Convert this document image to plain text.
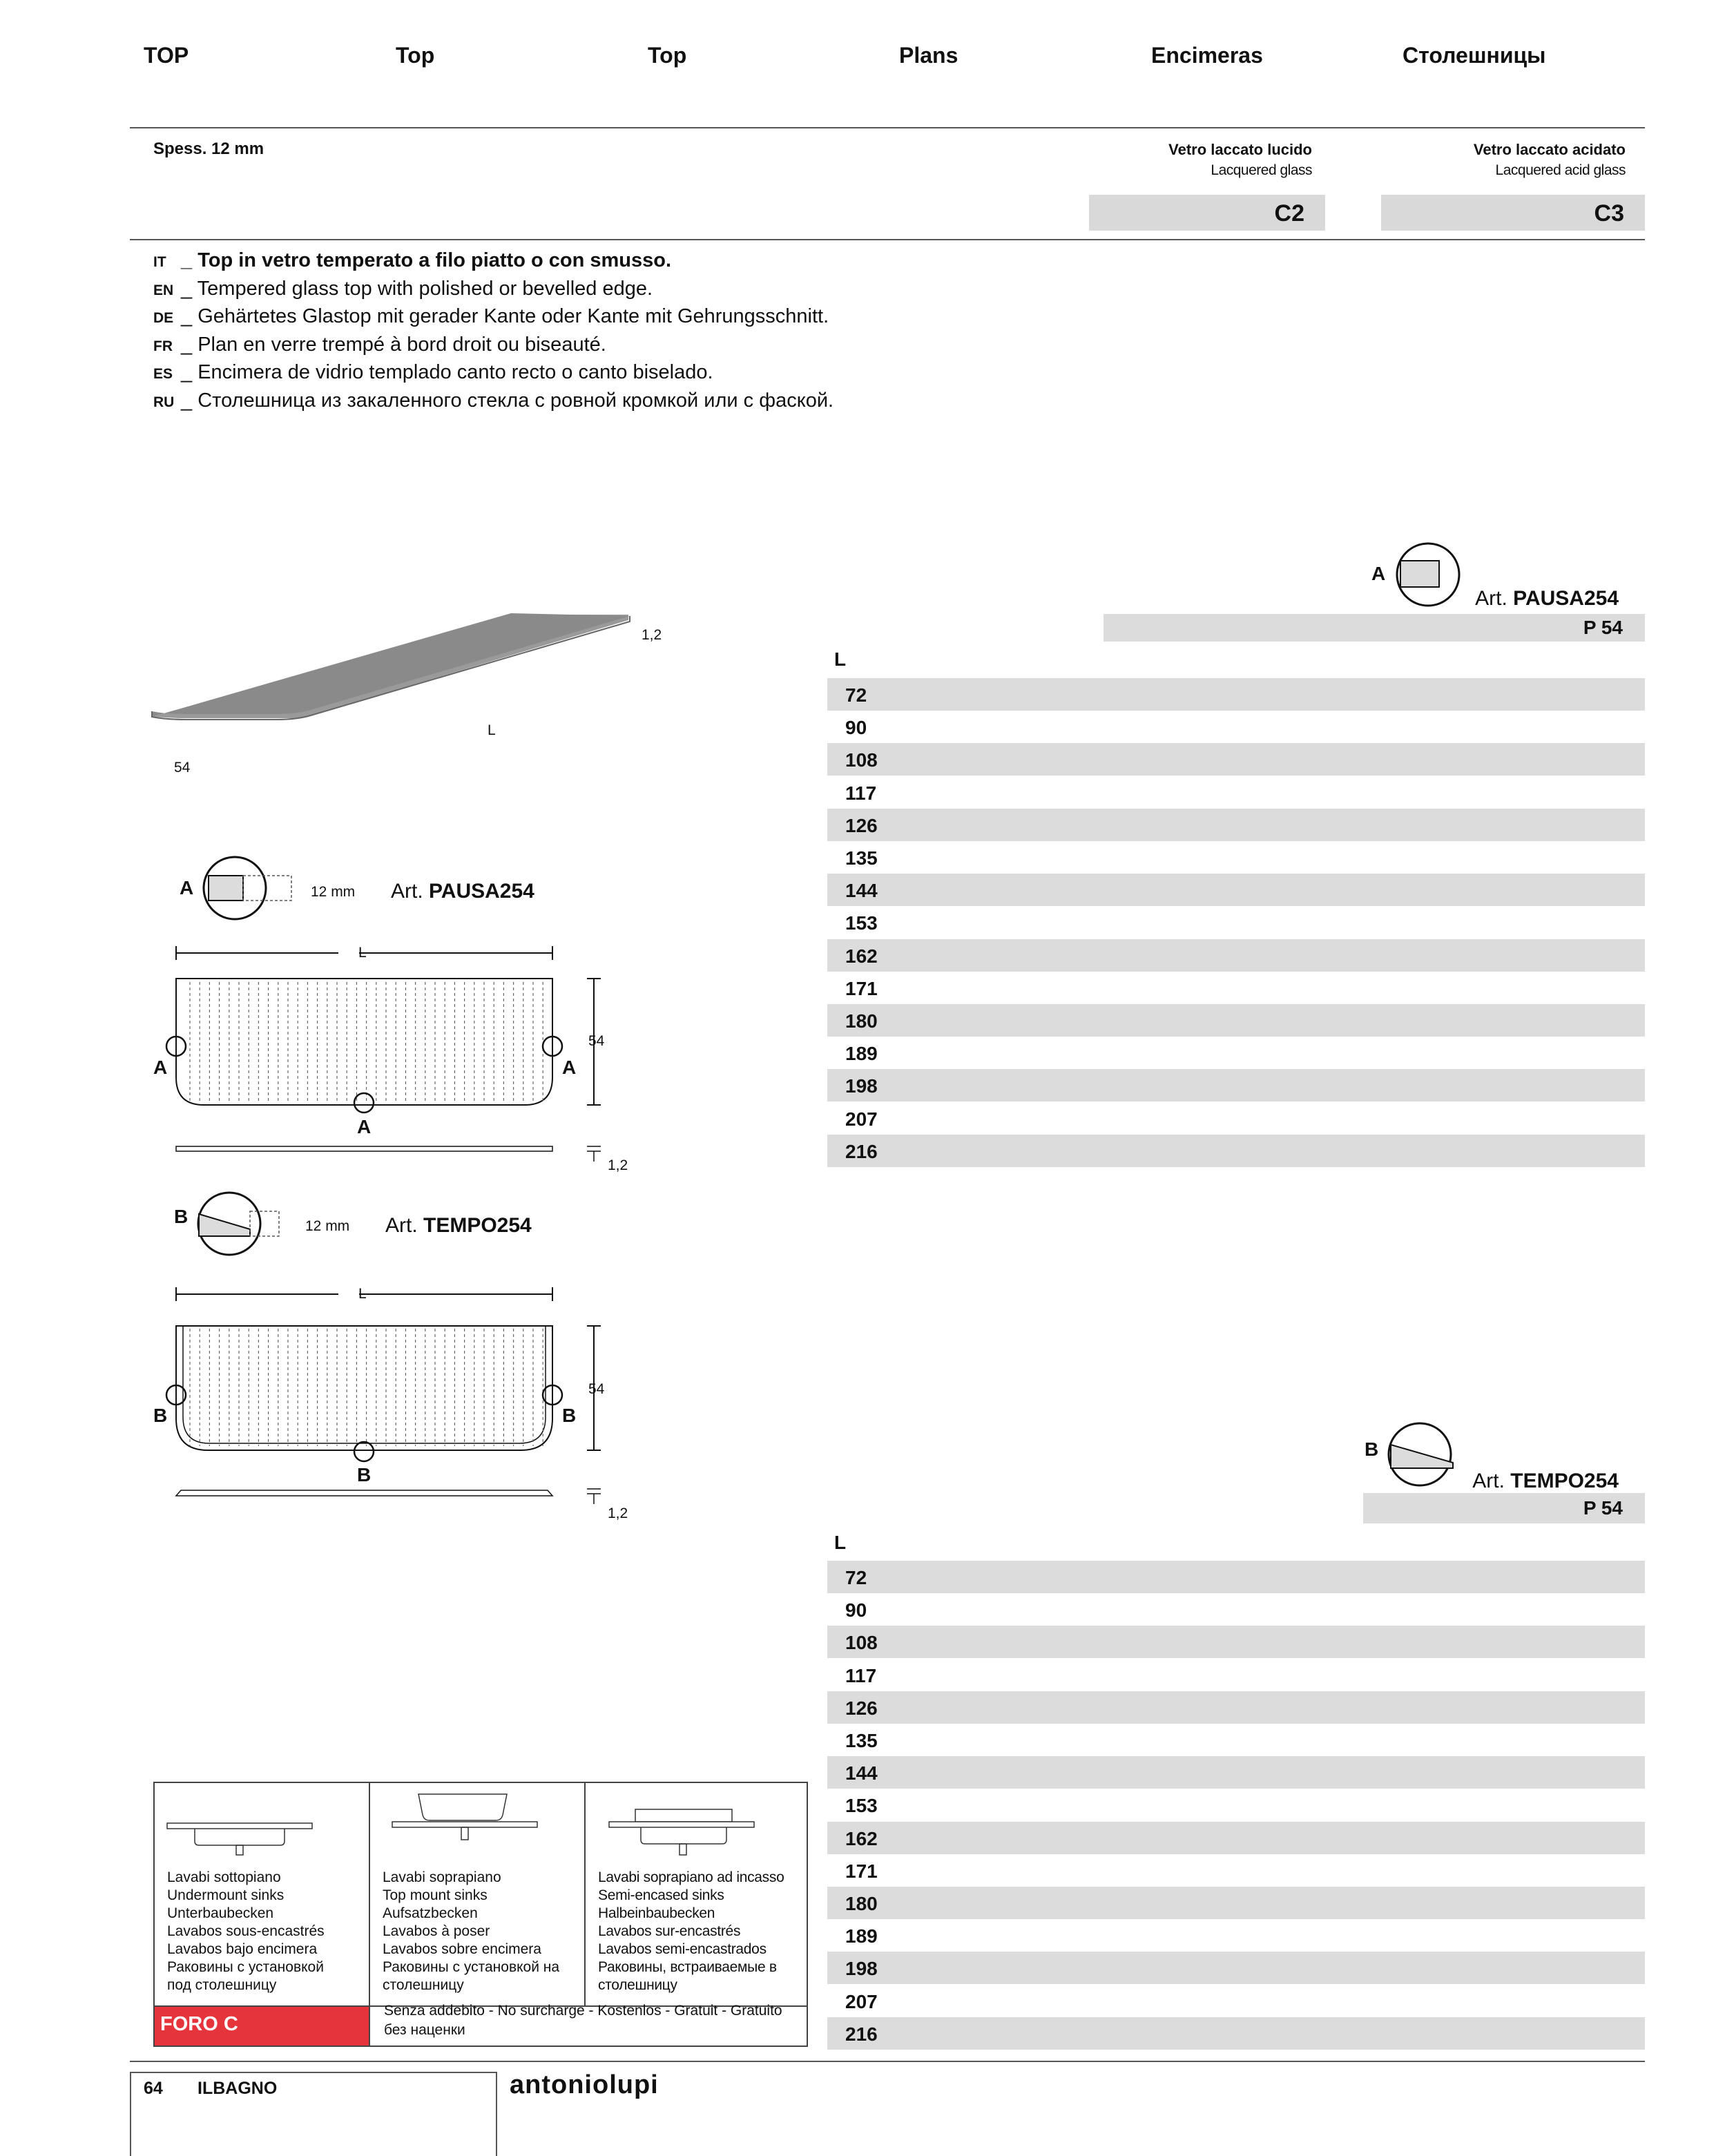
TOP	Top	Top	Plans	Encimeras	Столешницы
Spess. 12 mm	Vetro laccato lucido
Lacquered glass
Vetro laccato acidato
Lacquered acid glass
C2	C3
IT _ Top in vetro temperato a filo piatto o con smusso.
EN _ Tempered glass top with polished or bevelled edge.
DE _ Gehärtetes Glastop mit gerader Kante oder Kante mit Gehrungsschnitt.
FR _ Plan en verre trempé à bord droit ou biseauté.
ES _ Encimera de vidrio templado canto recto o canto biselado.
RU _ Столешница из закаленного стекла с ровной кромкой или с фаской.
1,2
L
54
A	12 mm Art. PAUSA254
L
54
1,2
A	A
A
B	12 mm Art. TEMPO254
L
54
1,2
B	B
B
A
Art. PAUSA254
P 54
L
72
90
108
117
126
135
144
153
162
171
180
189
198
207
216
B
Art. TEMPO254
P 54
L
72
90
108
117
126
135
144
153
162
171
180
189
198
207
216
Lavabi sottopiano
Undermount sinks
Unterbaubecken
Lavabos sous-encastrés
Lavabos bajo encimera
Раковины с установкой
под столешницу
Lavabi soprapiano
Top mount sinks
Aufsatzbecken
Lavabos à poser
Lavabos sobre encimera
Раковины с установкой на
столешницу
Lavabi soprapiano ad incasso
Semi-encased sinks
Halbeinbaubecken
Lavabos sur-encastrés
Lavabos semi-encastrados
Раковины, встраиваемые в
столешницу
FORO C
Senza addebito - No surcharge - Kostenlos - Gratuit - Gratuito
без наценки
64 ILBAGNO	antoniolupi
